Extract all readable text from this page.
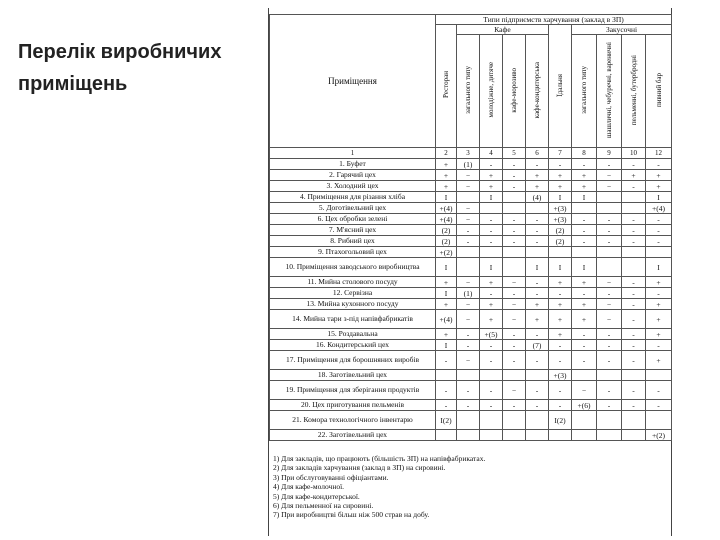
Перелік виробничих приміщень	Приміщення	Типи підприємств харчування (заклад в ЗП)									
	Ресторан	Кафе				Їдальня	Закусочні			
		загального типу	молодіжне, дитяче	кафе-морозиво	кафе-кондитерська		загального типу	шашличні, чебуречні, вареничні	пельменні, бутербродні	пивний бар
1	2	3	4	5	6	7	8	9	10	12
1. Буфет	+	(1)	-	-	-	-	-	-	-	-
2. Гарячий цех	+	−	+	-	+	+	+	−	+	+
3. Холодний цех	+	−	+	-	+	+	+	−	-	+
4. Приміщення для різання хліба	I		I		(4)	I	I			I
5. Доготівельний цех	+(4)	−				+(3)				+(4)
6. Цех обробки зелені	+(4)	−	-	-	-	+(3)	-	-	-	-
7. М'ясний цех	(2)	-	-	-	-	(2)	-	-	-	-
8. Рибний цех	(2)	-	-	-	-	(2)	-	-	-	-
9. Птахогольовий цех	+(2)									
10. Приміщення заводського виробництва	I		I		I	I	I			I
11. Мийна столового посуду	+	−	+	−	-	+	+	−	-	+
12. Сервізна	I	(1)	-	-	-	-	-	-	-	-
13. Мийна кухонного посуду	+	−	+	−	+	+	+	−	-	+
14. Мийна тари з-під напівфабрикатів	+(4)	−	+	−	+	+	+	−	-	+
15. Роздавальна	+	-	+(5)	-	-	+	-	-	-	+
16. Кондитерський цех	I	-	-	-	(7)	-	-	-	-	-
17. Приміщення для борошняних виробів	-	−	-	-	-	-	-	-	-	+
18. Заготівельний цех						+(3)				
19. Приміщення для зберігання продуктів	-	-	-	−	-	-	−	-	-	-
20. Цех приготування пельменів	-	-	-	-	-	-	+(6)	-	-	-
21. Комора технологічного інвентарю	I(2)					I(2)				
22. Заготівельний цех										+(2)
1) Для закладів, що працюють (більшість ЗП) на напівфабрикатах.
2) Для закладів харчування (заклад в ЗП) на сировині.
3) При обслуговуванні офіціантами.
4) Для кафе-молочної.
5) Для кафе-кондитерської.
6) Для пельменної на сировині.
7) При виробництві більш ніж 500 страв на добу.
